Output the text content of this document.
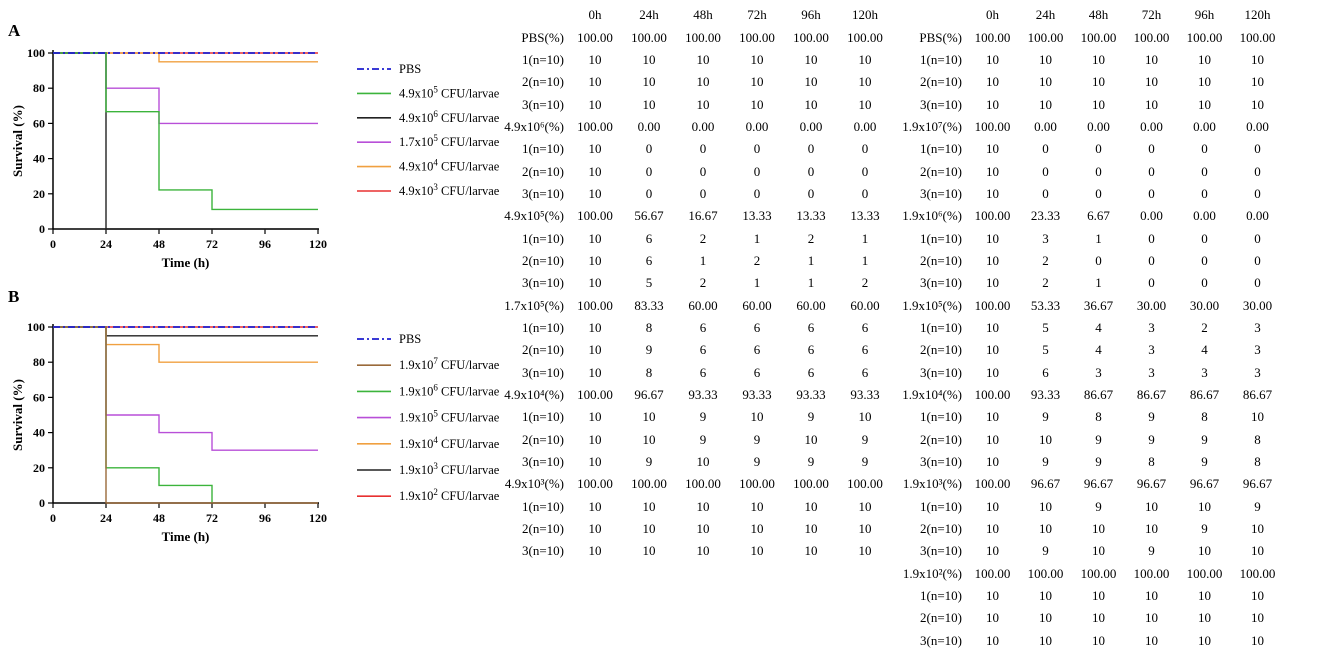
A
0
20
40
60
80
100
0	24	48	72	96	120
Time (h)
Survival (%)
PBS
$4.9x10^5$ CFU/larvae
$4.9x10^6$ CFU/larvae
$1.7x10^5$ CFU/larvae
$4.9x10^4$ CFU/larvae
$4.9x10^3$ CFU/larvae
B
0
20
40
60
80
100
0	24	48	72	96	120
Time (h)
Survival (%)
PBS
$1.9x10^7$ CFU/larvae
$1.9x10^6$ CFU/larvae
$1.9x10^5$ CFU/larvae
$1.9x10^4$ CFU/larvae
$1.9x10^3$ CFU/larvae
$1.9x10^2$ CFU/larvae
	0h	24h	48h	72h	96h	120h
PBS(%)	100.00	100.00	100.00	100.00	100.00	100.00
1(n=10)	10	10	10	10	10	10
2(n=10)	10	10	10	10	10	10
3(n=10)	10	10	10	10	10	10
4.9x10⁶(%)	100.00	0.00	0.00	0.00	0.00	0.00
1(n=10)	10	0	0	0	0	0
2(n=10)	10	0	0	0	0	0
3(n=10)	10	0	0	0	0	0
4.9x10⁵(%)	100.00	56.67	16.67	13.33	13.33	13.33
1(n=10)	10	6	2	1	2	1
2(n=10)	10	6	1	2	1	1
3(n=10)	10	5	2	1	1	2
1.7x10⁵(%)	100.00	83.33	60.00	60.00	60.00	60.00
1(n=10)	10	8	6	6	6	6
2(n=10)	10	9	6	6	6	6
3(n=10)	10	8	6	6	6	6
4.9x10⁴(%)	100.00	96.67	93.33	93.33	93.33	93.33
1(n=10)	10	10	9	10	9	10
2(n=10)	10	10	9	9	10	9
3(n=10)	10	9	10	9	9	9
4.9x10³(%)	100.00	100.00	100.00	100.00	100.00	100.00
1(n=10)	10	10	10	10	10	10
2(n=10)	10	10	10	10	10	10
3(n=10)	10	10	10	10	10	10
	0h	24h	48h	72h	96h	120h
PBS(%)	100.00	100.00	100.00	100.00	100.00	100.00
1(n=10)	10	10	10	10	10	10
2(n=10)	10	10	10	10	10	10
3(n=10)	10	10	10	10	10	10
1.9x10⁷(%)	100.00	0.00	0.00	0.00	0.00	0.00
1(n=10)	10	0	0	0	0	0
2(n=10)	10	0	0	0	0	0
3(n=10)	10	0	0	0	0	0
1.9x10⁶(%)	100.00	23.33	6.67	0.00	0.00	0.00
1(n=10)	10	3	1	0	0	0
2(n=10)	10	2	0	0	0	0
3(n=10)	10	2	1	0	0	0
1.9x10⁵(%)	100.00	53.33	36.67	30.00	30.00	30.00
1(n=10)	10	5	4	3	2	3
2(n=10)	10	5	4	3	4	3
3(n=10)	10	6	3	3	3	3
1.9x10⁴(%)	100.00	93.33	86.67	86.67	86.67	86.67
1(n=10)	10	9	8	9	8	10
2(n=10)	10	10	9	9	9	8
3(n=10)	10	9	9	8	9	8
1.9x10³(%)	100.00	96.67	96.67	96.67	96.67	96.67
1(n=10)	10	10	9	10	10	9
2(n=10)	10	10	10	10	9	10
3(n=10)	10	9	10	9	10	10
1.9x10²(%)	100.00	100.00	100.00	100.00	100.00	100.00
1(n=10)	10	10	10	10	10	10
2(n=10)	10	10	10	10	10	10
3(n=10)	10	10	10	10	10	10
